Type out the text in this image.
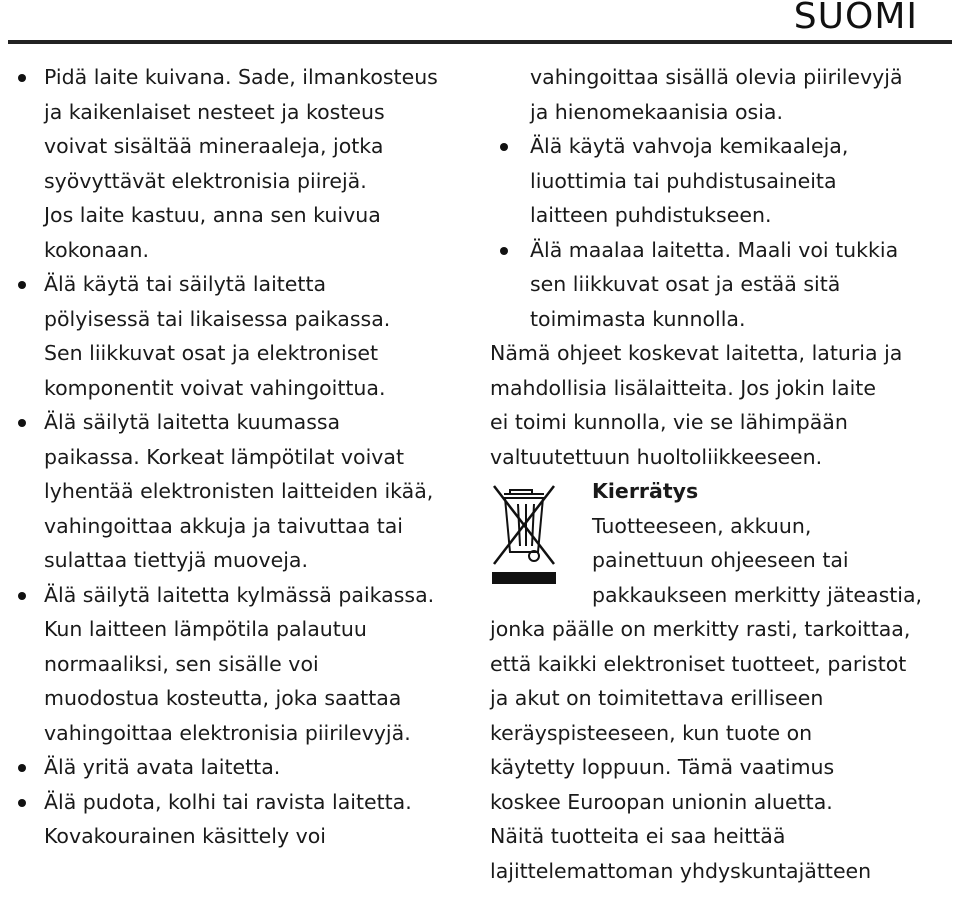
SUOMI
Pidä laite kuivana. Sade, ilmankosteus
ja kaikenlaiset nesteet ja kosteus
voivat sisältää mineraaleja, jotka
syövyttävät elektronisia piirejä.
Jos laite kastuu, anna sen kuivua
kokonaan.
Älä käytä tai säilytä laitetta
pölyisessä tai likaisessa paikassa.
Sen liikkuvat osat ja elektroniset
komponentit voivat vahingoittua.
Älä säilytä laitetta kuumassa
paikassa. Korkeat lämpötilat voivat
lyhentää elektronisten laitteiden ikää,
vahingoittaa akkuja ja taivuttaa tai
sulattaa tiettyjä muoveja.
Älä säilytä laitetta kylmässä paikassa.
Kun laitteen lämpötila palautuu
normaaliksi, sen sisälle voi
muodostua kosteutta, joka saattaa
vahingoittaa elektronisia piirilevyjä.
Älä yritä avata laitetta.
Älä pudota, kolhi tai ravista laitetta.
Kovakourainen käsittely voi
vahingoittaa sisällä olevia piirilevyjä
ja hienomekaanisia osia.
Älä käytä vahvoja kemikaaleja,
liuottimia tai puhdistusaineita
laitteen puhdistukseen.
Älä maalaa laitetta. Maali voi tukkia
sen liikkuvat osat ja estää sitä
toimimasta kunnolla.
Nämä ohjeet koskevat laitetta, laturia ja
mahdollisia lisälaitteita. Jos jokin laite
ei toimi kunnolla, vie se lähimpään
valtuutettuun huoltoliikkeeseen.
Kierrätys
Tuotteeseen, akkuun,
painettuun ohjeeseen tai
pakkaukseen merkitty jäteastia,
jonka päälle on merkitty rasti, tarkoittaa,
että kaikki elektroniset tuotteet, paristot
ja akut on toimitettava erilliseen
keräyspisteeseen, kun tuote on
käytetty loppuun. Tämä vaatimus
koskee Euroopan unionin aluetta.
Näitä tuotteita ei saa heittää
lajittelemattoman yhdyskuntajätteen
